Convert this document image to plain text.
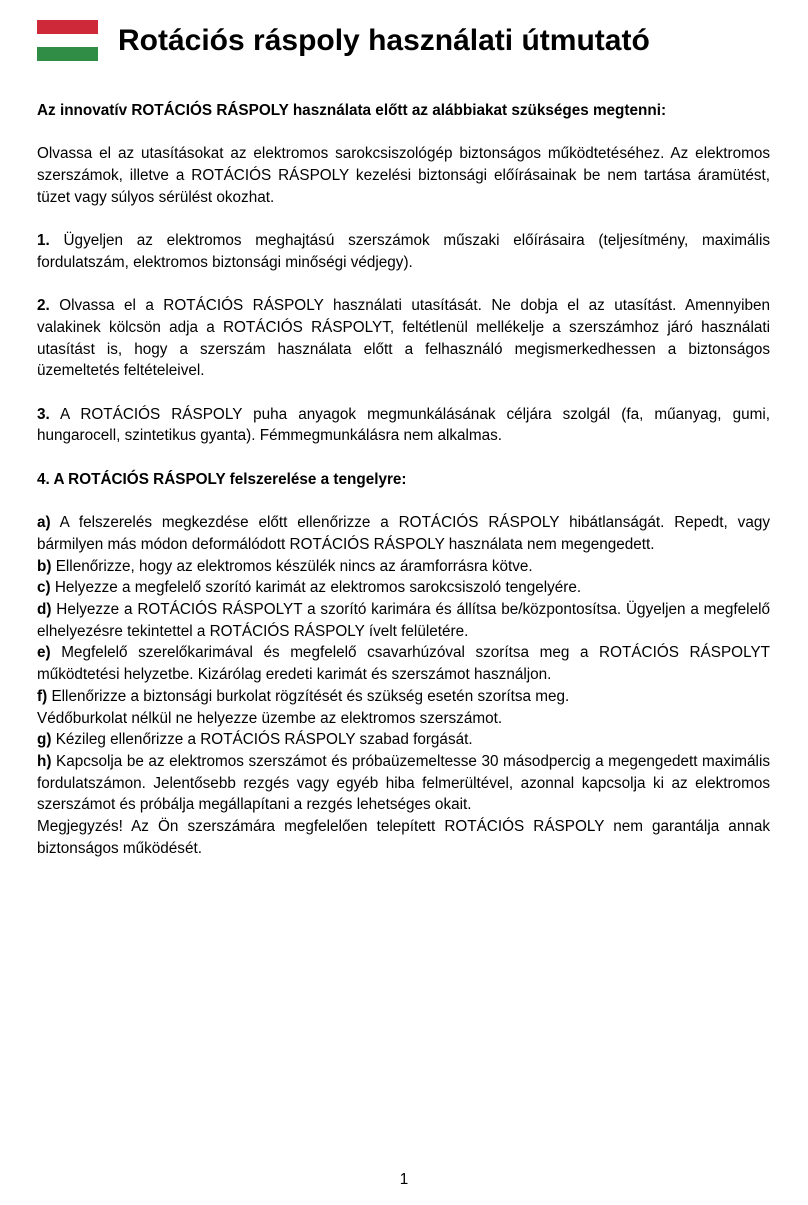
Rotációs ráspoly használati útmutató

Az innovatív ROTÁCIÓS RÁSPOLY használata előtt az alábbiakat szükséges megtenni:

Olvassa el az utasításokat az elektromos sarokcsiszológép biztonságos működtetéséhez. Az elektromos szerszámok, illetve a ROTÁCIÓS RÁSPOLY kezelési biztonsági előírásainak be nem tartása áramütést, tüzet vagy súlyos sérülést okozhat.

1. Ügyeljen az elektromos meghajtású szerszámok műszaki előírásaira (teljesítmény, maximális fordulatszám, elektromos biztonsági minőségi védjegy).

2. Olvassa el a ROTÁCIÓS RÁSPOLY használati utasítását. Ne dobja el az utasítást. Amennyiben valakinek kölcsön adja a ROTÁCIÓS RÁSPOLYT, feltétlenül mellékelje a szerszámhoz járó használati utasítást is, hogy a szerszám használata előtt a felhasználó megismerkedhessen a biztonságos üzemeltetés feltételeivel.

3. A ROTÁCIÓS RÁSPOLY puha anyagok megmunkálásának céljára szolgál (fa, műanyag, gumi, hungarocell, szintetikus gyanta). Fémmegmunkálásra nem alkalmas.

4. A ROTÁCIÓS RÁSPOLY felszerelése a tengelyre:

a) A felszerelés megkezdése előtt ellenőrizze a ROTÁCIÓS RÁSPOLY hibátlanságát. Repedt, vagy bármilyen más módon deformálódott ROTÁCIÓS RÁSPOLY használata nem megengedett.

b) Ellenőrizze, hogy az elektromos készülék nincs az áramforrásra kötve.

c) Helyezze a megfelelő szorító karimát az elektromos sarokcsiszoló tengelyére.

d) Helyezze a ROTÁCIÓS RÁSPOLYT a szorító karimára és állítsa be/központosítsa. Ügyeljen a megfelelő elhelyezésre tekintettel a ROTÁCIÓS RÁSPOLY ívelt felületére.

e) Megfelelő szerelőkarimával és megfelelő csavarhúzóval szorítsa meg a ROTÁCIÓS RÁSPOLYT működtetési helyzetbe. Kizárólag eredeti karimát és szerszámot használjon.

f) Ellenőrizze a biztonsági burkolat rögzítését és szükség esetén szorítsa meg.

Védőburkolat nélkül ne helyezze üzembe az elektromos szerszámot.

g) Kézileg ellenőrizze a ROTÁCIÓS RÁSPOLY szabad forgását.

h) Kapcsolja be az elektromos szerszámot és próbaüzemeltesse 30 másodpercig a megengedett maximális fordulatszámon. Jelentősebb rezgés vagy egyéb hiba felmerültével, azonnal kapcsolja ki az elektromos szerszámot és próbálja megállapítani a rezgés lehetséges okait.

Megjegyzés! Az Ön szerszámára megfelelően telepített ROTÁCIÓS RÁSPOLY nem garantálja annak biztonságos működését.

1
